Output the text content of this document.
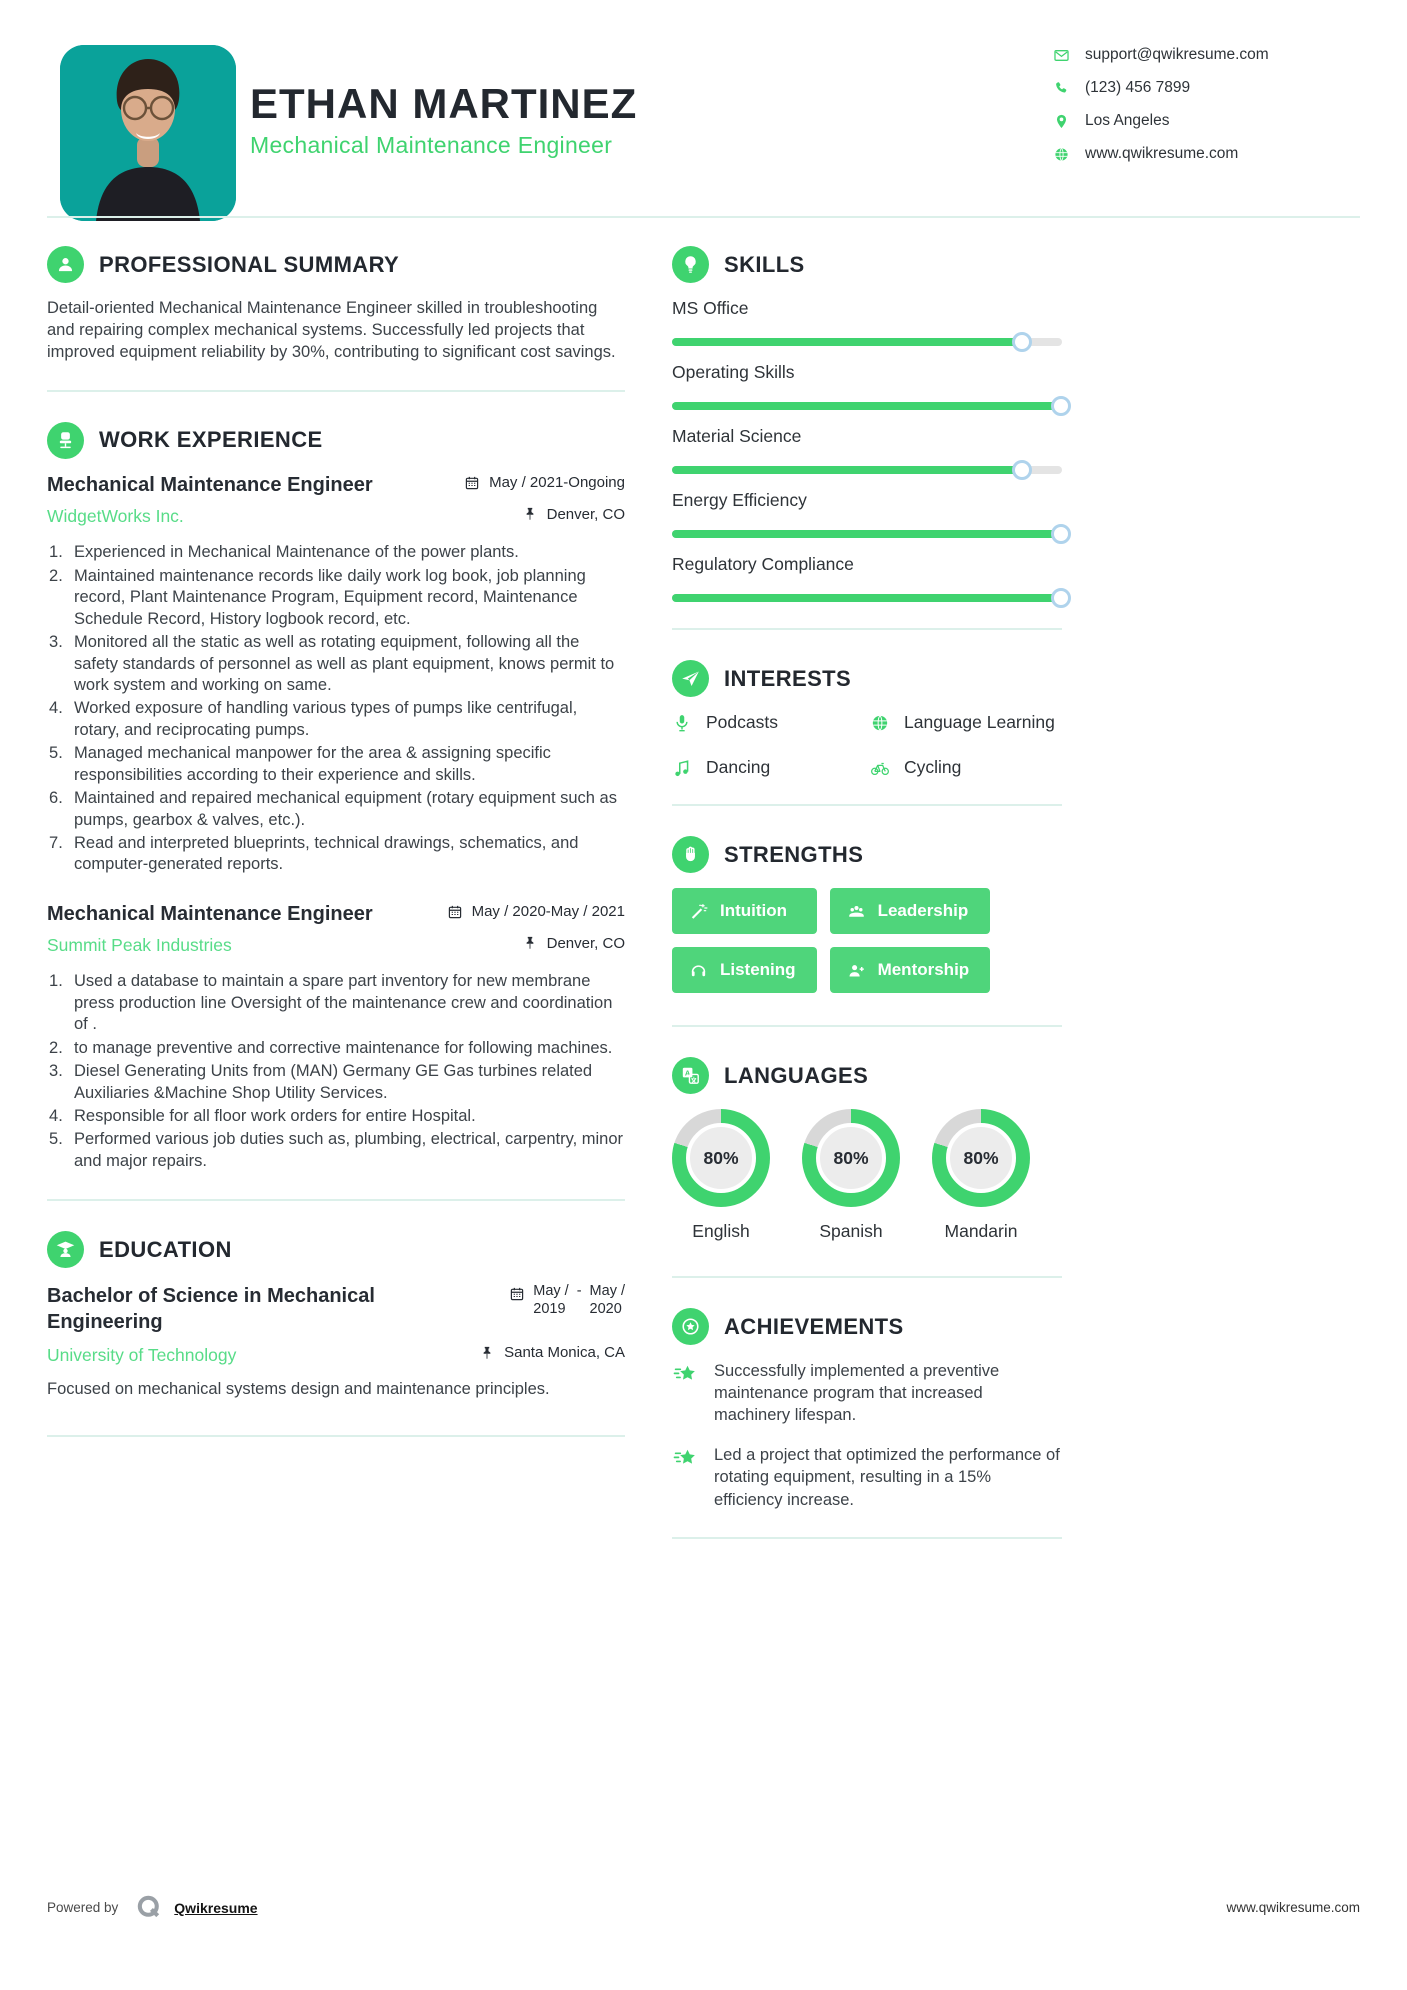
ETHAN MARTINEZ
Mechanical Maintenance Engineer
support@qwikresume.com
(123) 456 7899
Los Angeles
www.qwikresume.com
PROFESSIONAL SUMMARY
Detail-oriented Mechanical Maintenance Engineer skilled in troubleshooting and repairing complex mechanical systems. Successfully led projects that improved equipment reliability by 30%, contributing to significant cost savings.
WORK EXPERIENCE
Mechanical Maintenance Engineer	May / 2021-Ongoing
WidgetWorks Inc.	Denver, CO
Experienced in Mechanical Maintenance of the power plants.
Maintained maintenance records like daily work log book, job planning record, Plant Maintenance Program, Equipment record, Maintenance Schedule Record, History logbook record, etc.
Monitored all the static as well as rotating equipment, following all the safety standards of personnel as well as plant equipment, knows permit to work system and working on same.
Worked exposure of handling various types of pumps like centrifugal, rotary, and reciprocating pumps.
Managed mechanical manpower for the area & assigning specific responsibilities according to their experience and skills.
Maintained and repaired mechanical equipment (rotary equipment such as pumps, gearbox & valves, etc.).
Read and interpreted blueprints, technical drawings, schematics, and computer-generated reports.
Mechanical Maintenance Engineer	May / 2020-May / 2021
Summit Peak Industries	Denver, CO
Used a database to maintain a spare part inventory for new membrane press production line Oversight of the maintenance crew and coordination of .
to manage preventive and corrective maintenance for following machines.
Diesel Generating Units from (MAN) Germany GE Gas turbines related Auxiliaries &Machine Shop Utility Services.
Responsible for all floor work orders for entire Hospital.
Performed various job duties such as, plumbing, electrical, carpentry, minor and major repairs.
EDUCATION
Bachelor of Science in Mechanical Engineering
May /
2019
- May /
2020
University of Technology	Santa Monica, CA
Focused on mechanical systems design and maintenance principles.
SKILLS
MS Office
Operating Skills
Material Science
Energy Efficiency
Regulatory Compliance
INTERESTS
Podcasts	Language Learning
Dancing	Cycling
STRENGTHS
Intuition	Leadership
Listening	Mentorship
A LANGUAGES
80%
English
80%
Spanish
80%
Mandarin
ACHIEVEMENTS
Successfully implemented a preventive maintenance program that increased machinery lifespan.
Led a project that optimized the performance of rotating equipment, resulting in a 15% efficiency increase.
Powered by	Qwikresume	www.qwikresume.com
